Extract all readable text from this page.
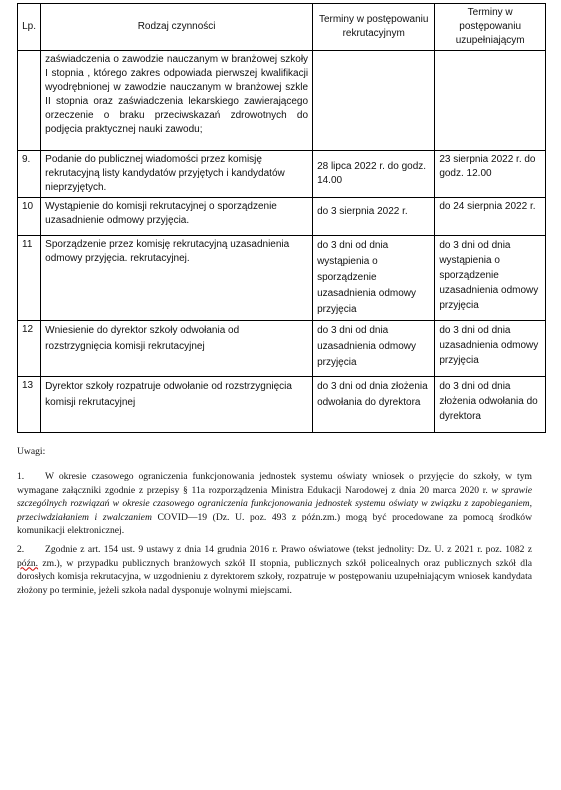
Lp.	Rodzaj czynności	Terminy w postępowaniu rekrutacyjnym	Terminy w postępowaniu uzupełniającym
	zaświadczenia o zawodzie nauczanym w branżowej szkoły I stopnia , którego zakres odpowiada pierwszej kwalifikacji wyodrębnionej w zawodzie nauczanym w branżowej szkle II stopnia oraz zaświadczenia lekarskiego zawierającego orzeczenie o braku przeciwskazań zdrowotnych do podjęcia praktycznej nauki zawodu;		
9.	Podanie do publicznej wiadomości przez komisję rekrutacyjną listy kandydatów przyjętych i kandydatów nieprzyjętych.	28 lipca 2022 r. do godz. 14.00	23 sierpnia 2022 r. do godz. 12.00
10	Wystąpienie do komisji rekrutacyjnej o sporządzenie uzasadnienie odmowy przyjęcia.	do 3 sierpnia 2022 r.	do 24 sierpnia 2022 r.
11	Sporządzenie przez komisję rekrutacyjną uzasadnienia odmowy przyjęcia. rekrutacyjnej.	do 3 dni od dnia wystąpienia o sporządzenie uzasadnienia odmowy przyjęcia	do 3 dni od dnia wystąpienia o sporządzenie uzasadnienia odmowy przyjęcia
12	Wniesienie do dyrektor szkoły odwołania od rozstrzygnięcia komisji rekrutacyjnej	do 3 dni od dnia uzasadnienia odmowy przyjęcia	do 3 dni od dnia uzasadnienia odmowy przyjęcia
13	Dyrektor szkoły rozpatruje odwołanie od rozstrzygnięcia komisji rekrutacyjnej	do 3 dni od dnia złożenia odwołania do dyrektora	do 3 dni od dnia złożenia odwołania do dyrektora
Uwagi:
1. W okresie czasowego ograniczenia funkcjonowania jednostek systemu oświaty wniosek o przyjęcie do szkoły, w tym wymagane załączniki zgodnie z przepisy § 11a rozporządzenia Ministra Edukacji Narodowej z dnia 20 marca 2020 r. w sprawie szczególnych rozwiązań w okresie czasowego ograniczenia funkcjonowania jednostek systemu oświaty w związku z zapobieganiem, przeciwdziałaniem i zwalczaniem COVID—19 (Dz. U. poz. 493 z późn.zm.) mogą być procedowane za pomocą środków komunikacji elektronicznej.
2. Zgodnie z art. 154 ust. 9 ustawy z dnia 14 grudnia 2016 r. Prawo oświatowe (tekst jednolity: Dz. U. z 2021 r. poz. 1082 z późn. zm.), w przypadku publicznych branżowych szkół II stopnia, publicznych szkół policealnych oraz publicznych szkół dla dorosłych komisja rekrutacyjna, w uzgodnieniu z dyrektorem szkoły, rozpatruje w postępowaniu uzupełniającym wniosek kandydata złożony po terminie, jeżeli szkoła nadal dysponuje wolnymi miejscami.
